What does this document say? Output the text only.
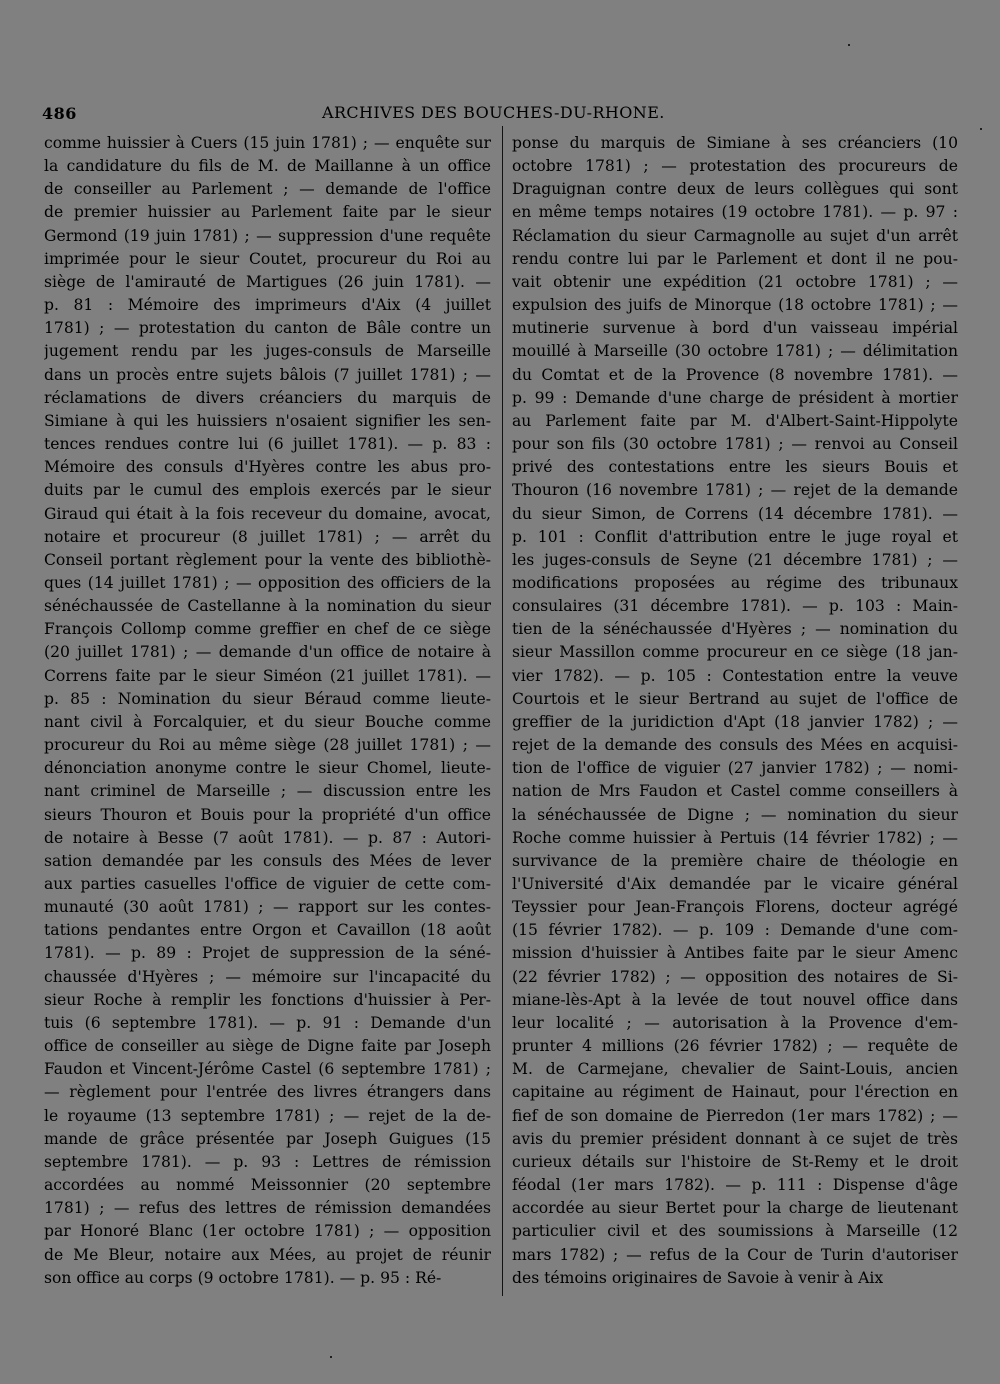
486	ARCHIVES DES BOUCHES-DU-RHONE.
comme huissier à Cuers (15 juin 1781) ; — enquête sur
la candidature du fils de M. de Maillanne à un office
de conseiller au Parlement ; — demande de l'office
de premier huissier au Parlement faite par le sieur
Germond (19 juin 1781) ; — suppression d'une requête
imprimée pour le sieur Coutet, procureur du Roi au
siège de l'amirauté de Martigues (26 juin 1781). —
p. 81 : Mémoire des imprimeurs d'Aix (4 juillet
1781) ; — protestation du canton de Bâle contre un
jugement rendu par les juges-consuls de Marseille
dans un procès entre sujets bâlois (7 juillet 1781) ; —
réclamations de divers créanciers du marquis de
Simiane à qui les huissiers n'osaient signifier les sen-
tences rendues contre lui (6 juillet 1781). — p. 83 :
Mémoire des consuls d'Hyères contre les abus pro-
duits par le cumul des emplois exercés par le sieur
Giraud qui était à la fois receveur du domaine, avocat,
notaire et procureur (8 juillet 1781) ; — arrêt du
Conseil portant règlement pour la vente des bibliothè-
ques (14 juillet 1781) ; — opposition des officiers de la
sénéchaussée de Castellanne à la nomination du sieur
François Collomp comme greffier en chef de ce siège
(20 juillet 1781) ; — demande d'un office de notaire à
Correns faite par le sieur Siméon (21 juillet 1781). —
p. 85 : Nomination du sieur Béraud comme lieute-
nant civil à Forcalquier, et du sieur Bouche comme
procureur du Roi au même siège (28 juillet 1781) ; —
dénonciation anonyme contre le sieur Chomel, lieute-
nant criminel de Marseille ; — discussion entre les
sieurs Thouron et Bouis pour la propriété d'un office
de notaire à Besse (7 août 1781). — p. 87 : Autori-
sation demandée par les consuls des Mées de lever
aux parties casuelles l'office de viguier de cette com-
munauté (30 août 1781) ; — rapport sur les contes-
tations pendantes entre Orgon et Cavaillon (18 août
1781). — p. 89 : Projet de suppression de la séné-
chaussée d'Hyères ; — mémoire sur l'incapacité du
sieur Roche à remplir les fonctions d'huissier à Per-
tuis (6 septembre 1781). — p. 91 : Demande d'un
office de conseiller au siège de Digne faite par Joseph
Faudon et Vincent-Jérôme Castel (6 septembre 1781) ;
— règlement pour l'entrée des livres étrangers dans
le royaume (13 septembre 1781) ; — rejet de la de-
mande de grâce présentée par Joseph Guigues (15
septembre 1781). — p. 93 : Lettres de rémission
accordées au nommé Meissonnier (20 septembre
1781) ; — refus des lettres de rémission demandées
par Honoré Blanc (1er octobre 1781) ; — opposition
de Me Bleur, notaire aux Mées, au projet de réunir
son office au corps (9 octobre 1781). — p. 95 : Ré-
ponse du marquis de Simiane à ses créanciers (10
octobre 1781) ; — protestation des procureurs de
Draguignan contre deux de leurs collègues qui sont
en même temps notaires (19 octobre 1781). — p. 97 :
Réclamation du sieur Carmagnolle au sujet d'un arrêt
rendu contre lui par le Parlement et dont il ne pou-
vait obtenir une expédition (21 octobre 1781) ; —
expulsion des juifs de Minorque (18 octobre 1781) ; —
mutinerie survenue à bord d'un vaisseau impérial
mouillé à Marseille (30 octobre 1781) ; — délimitation
du Comtat et de la Provence (8 novembre 1781). —
p. 99 : Demande d'une charge de président à mortier
au Parlement faite par M. d'Albert-Saint-Hippolyte
pour son fils (30 octobre 1781) ; — renvoi au Conseil
privé des contestations entre les sieurs Bouis et
Thouron (16 novembre 1781) ; — rejet de la demande
du sieur Simon, de Correns (14 décembre 1781). —
p. 101 : Conflit d'attribution entre le juge royal et
les juges-consuls de Seyne (21 décembre 1781) ; —
modifications proposées au régime des tribunaux
consulaires (31 décembre 1781). — p. 103 : Main-
tien de la sénéchaussée d'Hyères ; — nomination du
sieur Massillon comme procureur en ce siège (18 jan-
vier 1782). — p. 105 : Contestation entre la veuve
Courtois et le sieur Bertrand au sujet de l'office de
greffier de la juridiction d'Apt (18 janvier 1782) ; —
rejet de la demande des consuls des Mées en acquisi-
tion de l'office de viguier (27 janvier 1782) ; — nomi-
nation de Mrs Faudon et Castel comme conseillers à
la sénéchaussée de Digne ; — nomination du sieur
Roche comme huissier à Pertuis (14 février 1782) ; —
survivance de la première chaire de théologie en
l'Université d'Aix demandée par le vicaire général
Teyssier pour Jean-François Florens, docteur agrégé
(15 février 1782). — p. 109 : Demande d'une com-
mission d'huissier à Antibes faite par le sieur Amenc
(22 février 1782) ; — opposition des notaires de Si-
miane-lès-Apt à la levée de tout nouvel office dans
leur localité ; — autorisation à la Provence d'em-
prunter 4 millions (26 février 1782) ; — requête de
M. de Carmejane, chevalier de Saint-Louis, ancien
capitaine au régiment de Hainaut, pour l'érection en
fief de son domaine de Pierredon (1er mars 1782) ; —
avis du premier président donnant à ce sujet de très
curieux détails sur l'histoire de St-Remy et le droit
féodal (1er mars 1782). — p. 111 : Dispense d'âge
accordée au sieur Bertet pour la charge de lieutenant
particulier civil et des soumissions à Marseille (12
mars 1782) ; — refus de la Cour de Turin d'autoriser
des témoins originaires de Savoie à venir à Aix
